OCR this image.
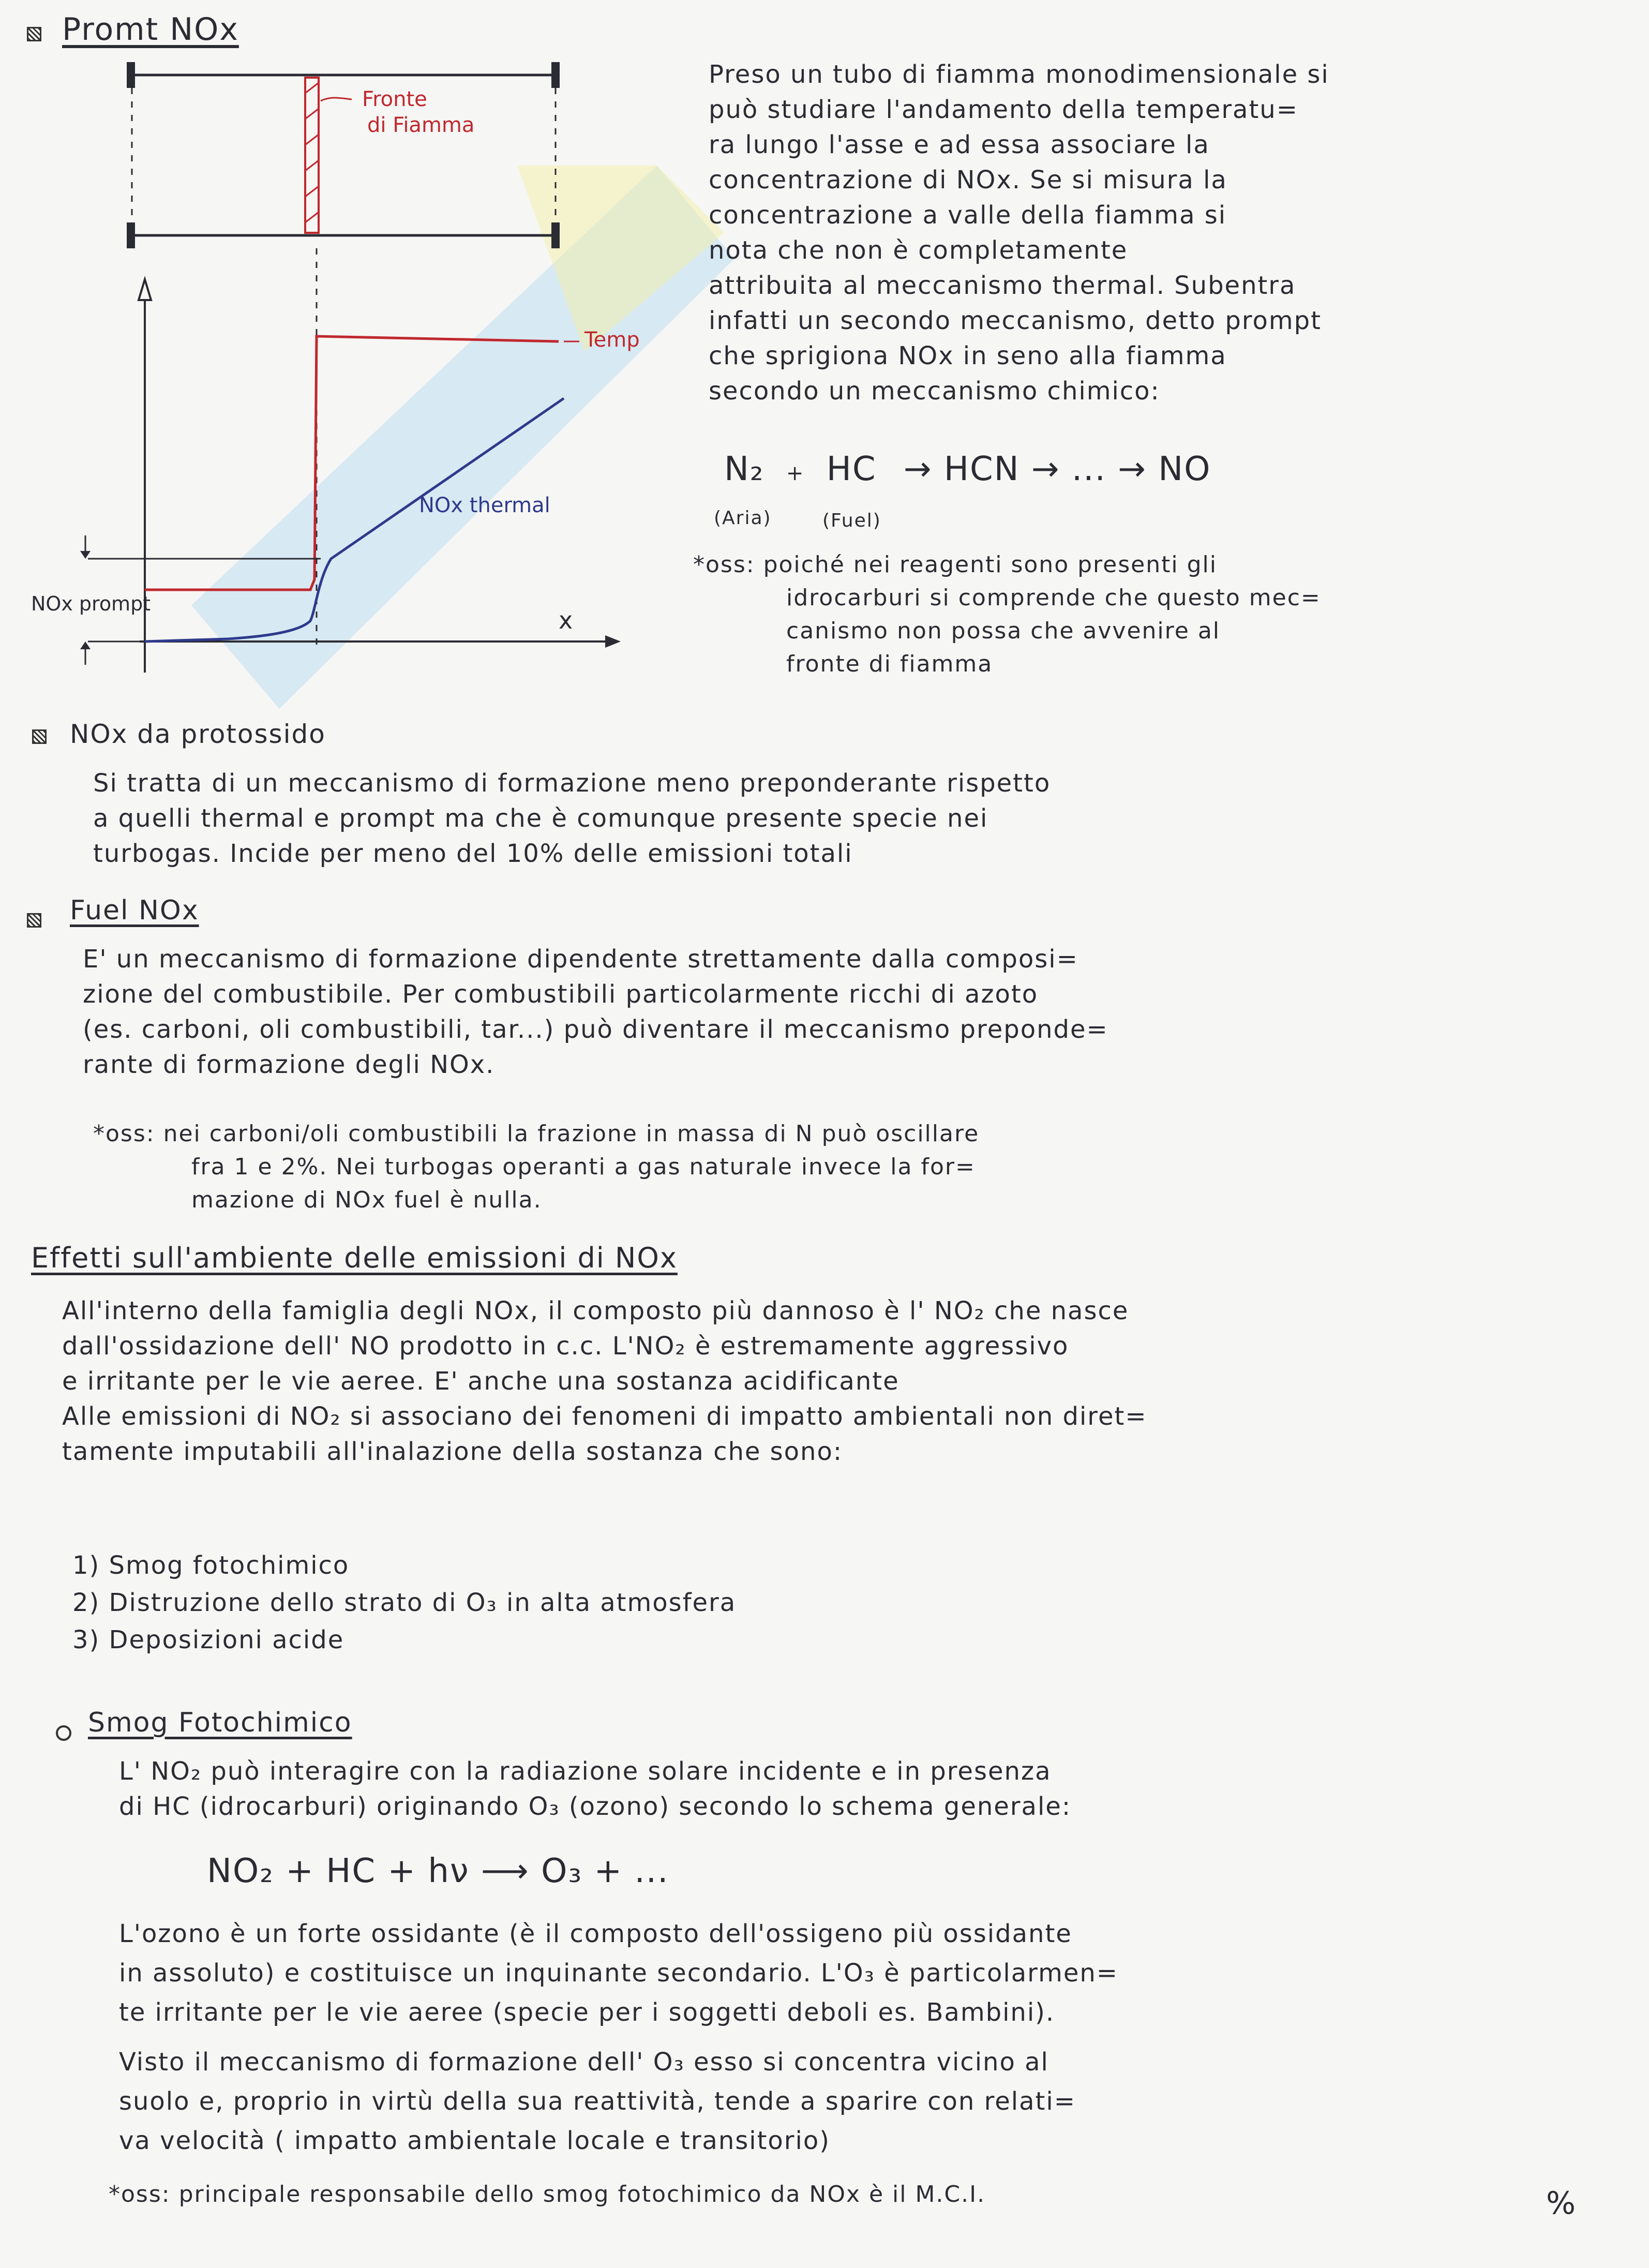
Promt NOx
Fronte
di Fiamma
x
Temp
NOx thermal
NOx prompt
Preso un tubo di fiamma monodimensionale si
può studiare l'andamento della temperatu=
ra lungo l'asse e ad essa associare la
concentrazione di NOx. Se si misura la
concentrazione a valle della fiamma si
nota che non è completamente
attribuita al meccanismo thermal. Subentra
infatti un secondo meccanismo, detto prompt
che sprigiona NOx in seno alla fiamma
secondo un meccanismo chimico:
N₂ + HC → HCN → ... → NO
(Aria)	(Fuel)
*oss: poiché nei reagenti sono presenti gli
idrocarburi si comprende che questo mec=
canismo non possa che avvenire al
fronte di fiamma
NOx da protossido
Si tratta di un meccanismo di formazione meno preponderante rispetto
a quelli thermal e prompt ma che è comunque presente specie nei
turbogas. Incide per meno del 10% delle emissioni totali
Fuel NOx
E' un meccanismo di formazione dipendente strettamente dalla composi=
zione del combustibile. Per combustibili particolarmente ricchi di azoto
(es. carboni, oli combustibili, tar...) può diventare il meccanismo prepondе=
rante di formazione degli NOx.
*oss: nei carboni/oli combustibili la frazione in massa di N può oscillare
fra 1 e 2%. Nei turbogas operanti a gas naturale invece la for=
mazione di NOx fuel è nulla.
Effetti sull'ambiente delle emissioni di NOx
All'interno della famiglia degli NOx, il composto più dannoso è l' NO₂ che nasce
dall'ossidazione dell' NO prodotto in c.c. L'NO₂ è estremamente aggressivo
e irritante per le vie aeree. E' anche una sostanza acidificante
Alle emissioni di NO₂ si associano dei fenomeni di impatto ambientali non diret=
tamente imputabili all'inalazione della sostanza che sono:
1) Smog fotochimico
2) Distruzione dello strato di O₃ in alta atmosfera
3) Deposizioni acide
Smog Fotochimico
L' NO₂ può interagire con la radiazione solare incidente e in presenza
di HC (idrocarburi) originando O₃ (ozono) secondo lo schema generale:
NO₂ + HC + hν ⟶ O₃ + ...
L'ozono è un forte ossidante (è il composto dell'ossigeno più ossidante
in assoluto) e costituisce un inquinante secondario. L'O₃ è particolarmen=
te irritante per le vie aeree (specie per i soggetti deboli es. Bambini).
Visto il meccanismo di formazione dell' O₃ esso si concentra vicino al
suolo e, proprio in virtù della sua reattività, tende a sparire con relati=
va velocità ( impatto ambientale locale e transitorio)
*oss: principale responsabile dello smog fotochimico da NOx è il M.C.I.	%
